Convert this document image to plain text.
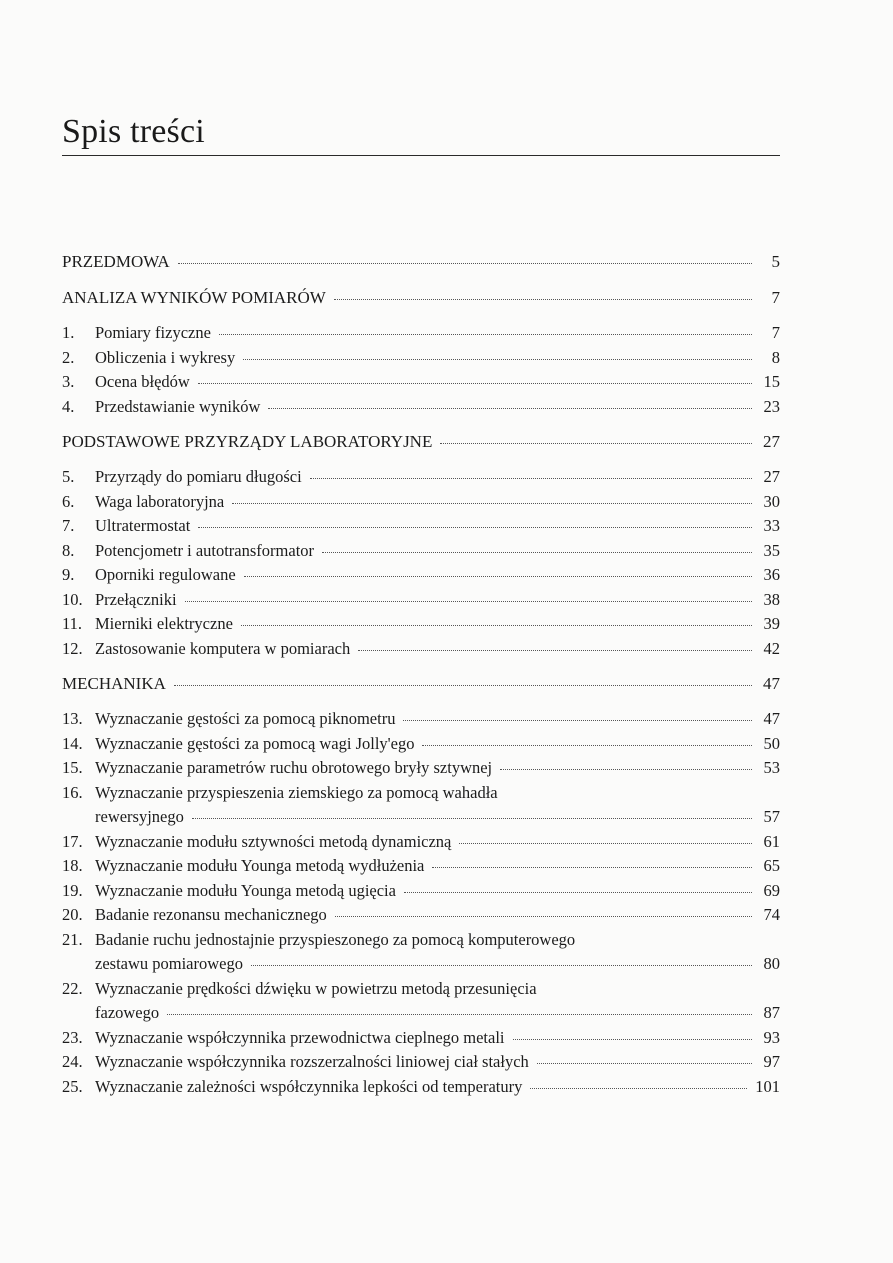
Spis treści
PRZEDMOWA	5
ANALIZA WYNIKÓW POMIARÓW	7
1.	Pomiary fizyczne	7
2.	Obliczenia i wykresy	8
3.	Ocena błędów	15
4.	Przedstawianie wyników	23
PODSTAWOWE PRZYRZĄDY LABORATORYJNE	27
5.	Przyrządy do pomiaru długości	27
6.	Waga laboratoryjna	30
7.	Ultratermostat	33
8.	Potencjometr i autotransformator	35
9.	Oporniki regulowane	36
10. Przełączniki	38
11. Mierniki elektryczne	39
12. Zastosowanie komputera w pomiarach	42
MECHANIKA	47
13. Wyznaczanie gęstości za pomocą piknometru	47
14. Wyznaczanie gęstości za pomocą wagi Jolly'ego	50
15. Wyznaczanie parametrów ruchu obrotowego bryły sztywnej	53
16. Wyznaczanie przyspieszenia ziemskiego za pomocą wahadła
rewersyjnego	57
17. Wyznaczanie modułu sztywności metodą dynamiczną	61
18. Wyznaczanie modułu Younga metodą wydłużenia	65
19. Wyznaczanie modułu Younga metodą ugięcia	69
20. Badanie rezonansu mechanicznego	74
21. Badanie ruchu jednostajnie przyspieszonego za pomocą komputerowego
zestawu pomiarowego	80
22. Wyznaczanie prędkości dźwięku w powietrzu metodą przesunięcia
fazowego	87
23. Wyznaczanie współczynnika przewodnictwa cieplnego metali	93
24. Wyznaczanie współczynnika rozszerzalności liniowej ciał stałych	97
25. Wyznaczanie zależności współczynnika lepkości od temperatury	101
